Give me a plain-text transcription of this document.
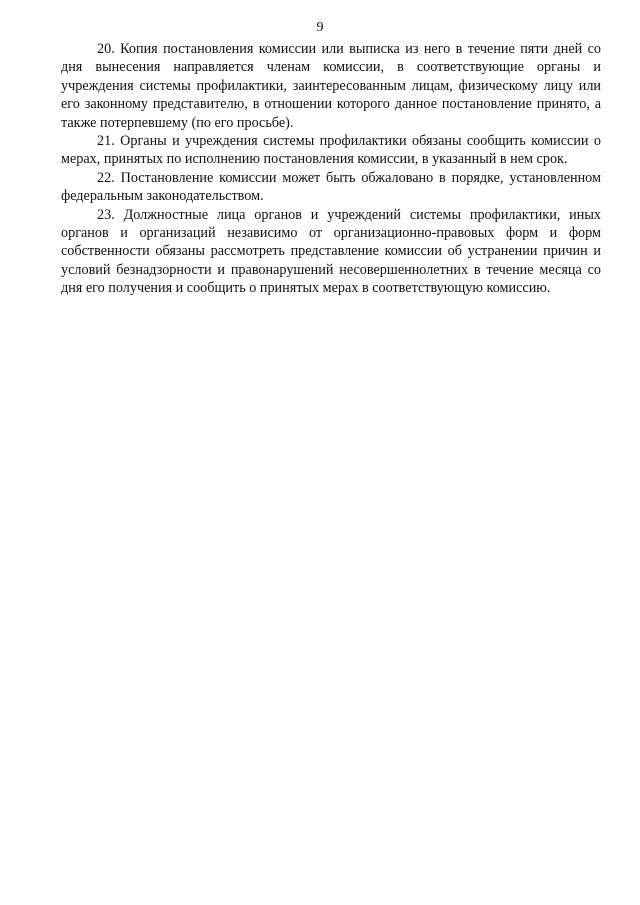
9

20. Копия постановления комиссии или выписка из него в течение пяти дней со дня вынесения направляется членам комиссии, в соответствующие органы и учреждения системы профилактики, заинтересованным лицам, физическому лицу или его законному представителю, в отношении которого данное постановление принято, а также потерпевшему (по его просьбе).

21. Органы и учреждения системы профилактики обязаны сообщить комиссии о мерах, принятых по исполнению постановления комиссии, в указанный в нем срок.

22. Постановление комиссии может быть обжаловано в порядке, установленном федеральным законодательством.

23. Должностные лица органов и учреждений системы профилактики, иных органов и организаций независимо от организационно-правовых форм и форм собственности обязаны рассмотреть представление комиссии об устранении причин и условий безнадзорности и правонарушений несовершеннолетних в течение месяца со дня его получения и сообщить о принятых мерах в соответствующую комиссию.
